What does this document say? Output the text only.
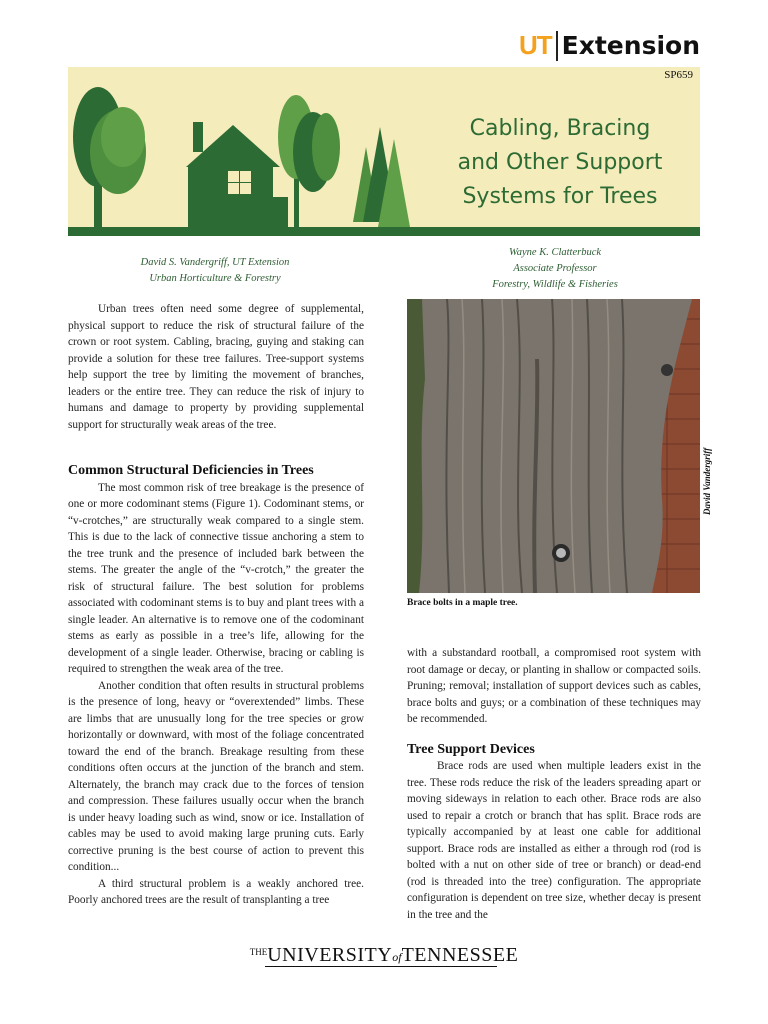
UT Extension
SP659
Cabling, Bracing
and Other Support
Systems for Trees
David S. Vandergriff, UT Extension
Urban Horticulture & Forestry
Wayne K. Clatterbuck
Associate Professor
Forestry, Wildlife & Fisheries

Urban trees often need some degree of supplemental, physical support to reduce the risk of structural failure of the crown or root system. Cabling, bracing, guying and staking can provide a solution for these tree failures. Tree-support systems help support the tree by limiting the movement of branches, leaders or the entire tree. They can reduce the risk of injury to humans and damage to property by providing supplemental support for structurally weak areas of the tree.

Common Structural Deficiencies in Trees

The most common risk of tree breakage is the presence of one or more codominant stems (Figure 1). Codominant stems, or “v-crotches,” are structurally weak compared to a single stem. This is due to the lack of connective tissue anchoring a stem to the tree trunk and the presence of included bark between the stems. The greater the angle of the “v-crotch,” the greater the risk of structural failure. The best solution for problems associated with codominant stems is to buy and plant trees with a single leader. An alternative is to remove one of the codominant stems as early as possible in a tree’s life, allowing for the development of a single leader. Otherwise, bracing or cabling is required to strengthen the weak area of the tree.

Another condition that often results in structural problems is the presence of long, heavy or “overextended” limbs. These are limbs that are unusually long for the tree species or grow horizontally or downward, with most of the foliage concentrated toward the end of the branch. Breakage resulting from these conditions often occurs at the junction of the branch and stem. Alternately, the branch may crack due to the forces of tension and compression. These failures usually occur when the branch is under heavy loading such as wind, snow or ice. Installation of cables may be used to avoid making large pruning cuts. Early corrective pruning is the best course of action to prevent this condition...

A third structural problem is a weakly anchored tree. Poorly anchored trees are the result of transplanting a tree

Brace bolts in a maple tree.
David Vandergriff

with a substandard rootball, a compromised root system with root damage or decay, or planting in shallow or compacted soils. Pruning; removal; installation of support devices such as cables, brace bolts and guys; or a combination of these techniques may be recommended.

Tree Support Devices

Brace rods are used when multiple leaders exist in the tree. These rods reduce the risk of the leaders spreading apart or moving sideways in relation to each other. Brace rods are also used to repair a crotch or branch that has split. Brace rods are typically accompanied by at least one cable for additional support. Brace rods are installed as either a through rod (rod is bolted with a nut on other side of tree or branch) or dead-end (rod is threaded into the tree) configuration. The appropriate configuration is dependent on tree size, whether decay is present in the tree and the

$^{THE}$UNIVERSITYofTENNESSEE
